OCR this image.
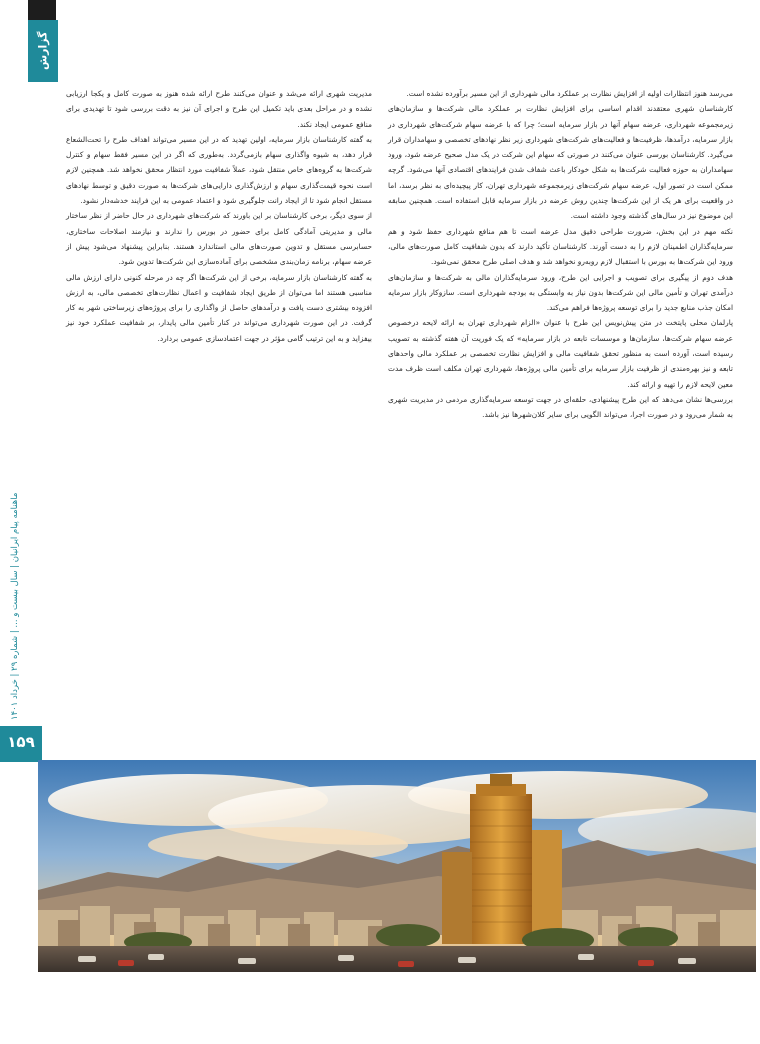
گزارش
ماهنامه پیام ایرانیان | سال بیست و ... | شماره ۲۹ | خرداد ۱۴۰۱
۱۵۹

می‌رسد هنوز انتظارات اولیه از افزایش نظارت بر عملکرد مالی شهرداری از این مسیر برآورده نشده است.

کارشناسان شهری معتقدند اقدام اساسی برای افزایش نظارت بر عملکرد مالی شرکت‌ها و سازمان‌های زیرمجموعه شهرداری، عرضه سهام آنها در بازار سرمایه است؛ چرا که با عرضه سهام شرکت‌های شهرداری در بازار سرمایه، درآمدها، ظرفیت‌ها و فعالیت‌های شرکت‌های شهرداری زیر نظر نهادهای تخصصی و سهامداران قرار می‌گیرد. کارشناسان بورسی عنوان می‌کنند در صورتی که سهام این شرکت در یک مدل صحیح عرضه شود، ورود سهامداران به حوزه فعالیت شرکت‌ها به شکل خودکار باعث شفاف شدن فرایندهای اقتصادی آنها می‌شود. گرچه ممکن است در تصور اول، عرضه سهام شرکت‌های زیرمجموعه شهرداری تهران، کار پیچیده‌ای به نظر برسد، اما در واقعیت برای هر یک از این شرکت‌ها چندین روش عرضه در بازار سرمایه قابل استفاده است. همچنین سابقه این موضوع نیز در سال‌های گذشته وجود داشته است.

نکته مهم در این بخش، ضرورت طراحی دقیق مدل عرضه است تا هم منافع شهرداری حفظ شود و هم سرمایه‌گذاران اطمینان لازم را به دست آورند. کارشناسان تأکید دارند که بدون شفافیت کامل صورت‌های مالی، ورود این شرکت‌ها به بورس با استقبال لازم روبه‌رو نخواهد شد و هدف اصلی طرح محقق نمی‌شود.

هدف دوم از پیگیری برای تصویب و اجرایی این طرح، ورود سرمایه‌گذاران مالی به شرکت‌ها و سازمان‌های درآمدی تهران و تأمین مالی این شرکت‌ها بدون نیاز به وابستگی به بودجه شهرداری است. سازوکار بازار سرمایه امکان جذب منابع جدید را برای توسعه پروژه‌ها فراهم می‌کند.

پارلمان محلی پایتخت در متن پیش‌نویس این طرح با عنوان «الزام شهرداری تهران به ارائه لایحه درخصوص عرضه سهام شرکت‌ها، سازمان‌ها و موسسات تابعه در بازار سرمایه» که یک فوریت آن هفته گذشته به تصویب رسیده است، آورده است به منظور تحقق شفافیت مالی و افزایش نظارت تخصصی بر عملکرد مالی واحدهای تابعه و نیز بهره‌مندی از ظرفیت بازار سرمایه برای تأمین مالی پروژه‌ها، شهرداری تهران مکلف است ظرف مدت معین لایحه لازم را تهیه و ارائه کند.

بررسی‌ها نشان می‌دهد که این طرح پیشنهادی، حلقه‌ای در جهت توسعه سرمایه‌گذاری مردمی در مدیریت شهری به شمار می‌رود و در صورت اجرا، می‌تواند الگویی برای سایر کلان‌شهرها نیز باشد.

مدیریت شهری ارائه می‌شد و عنوان می‌کنند طرح ارائه شده هنوز به صورت کامل و یکجا ارزیابی نشده و در مراحل بعدی باید تکمیل این طرح و اجرای آن نیز به دقت بررسی شود تا تهدیدی برای منافع عمومی ایجاد نکند.

به گفته کارشناسان بازار سرمایه، اولین تهدید که در این مسیر می‌تواند اهداف طرح را تحت‌الشعاع قرار دهد، به شیوه واگذاری سهام بازمی‌گردد. به‌طوری که اگر در این مسیر فقط سهام و کنترل شرکت‌ها به گروه‌های خاص منتقل شود، عملاً شفافیت مورد انتظار محقق نخواهد شد. همچنین لازم است نحوه قیمت‌گذاری سهام و ارزش‌گذاری دارایی‌های شرکت‌ها به صورت دقیق و توسط نهادهای مستقل انجام شود تا از ایجاد رانت جلوگیری شود و اعتماد عمومی به این فرایند خدشه‌دار نشود.

از سوی دیگر، برخی کارشناسان بر این باورند که شرکت‌های شهرداری در حال حاضر از نظر ساختار مالی و مدیریتی آمادگی کامل برای حضور در بورس را ندارند و نیازمند اصلاحات ساختاری، حسابرسی مستقل و تدوین صورت‌های مالی استاندارد هستند. بنابراین پیشنهاد می‌شود پیش از عرضه سهام، برنامه زمان‌بندی مشخصی برای آماده‌سازی این شرکت‌ها تدوین شود.

به گفته کارشناسان بازار سرمایه، برخی از این شرکت‌ها اگر چه در مرحله کنونی دارای ارزش مالی مناسبی هستند اما می‌توان از طریق ایجاد شفافیت و اعمال نظارت‌های تخصصی مالی، به ارزش افزوده بیشتری دست یافت و درآمدهای حاصل از واگذاری را برای پروژه‌های زیرساختی شهر به کار گرفت. در این صورت شهرداری می‌تواند در کنار تأمین مالی پایدار، بر شفافیت عملکرد خود نیز بیفزاید و به این ترتیب گامی مؤثر در جهت اعتمادسازی عمومی بردارد.
